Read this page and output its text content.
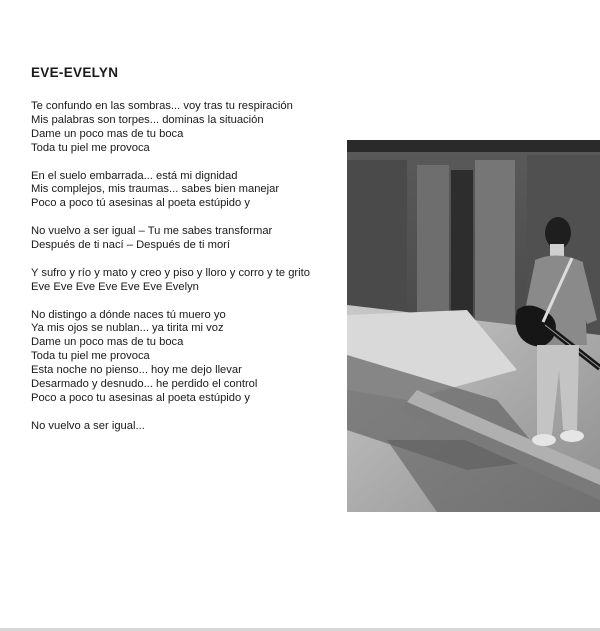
EVE-EVELYN
Te confundo en las sombras... voy tras tu respiración
Mis palabras son torpes... dominas la situación
Dame un poco mas de tu boca
Toda tu piel me provoca
En el suelo embarrada... está mi dignidad
Mis complejos, mis traumas... sabes bien manejar
Poco a poco tú asesinas al poeta estúpido y
No vuelvo a ser igual – Tu me sabes transformar
Después de ti nací – Después de ti morí
Y sufro y río y mato y creo y piso y lloro y corro y te grito
Eve Eve Eve Eve Eve Eve Evelyn
No distingo a dónde naces tú muero yo
Ya mis ojos se nublan... ya tirita mi voz
Dame un poco mas de tu boca
Toda tu piel me provoca
Esta noche no pienso... hoy me dejo llevar
Desarmado y desnudo... he perdido el control
Poco a poco tu asesinas al poeta estúpido y
No vuelvo a ser igual...
